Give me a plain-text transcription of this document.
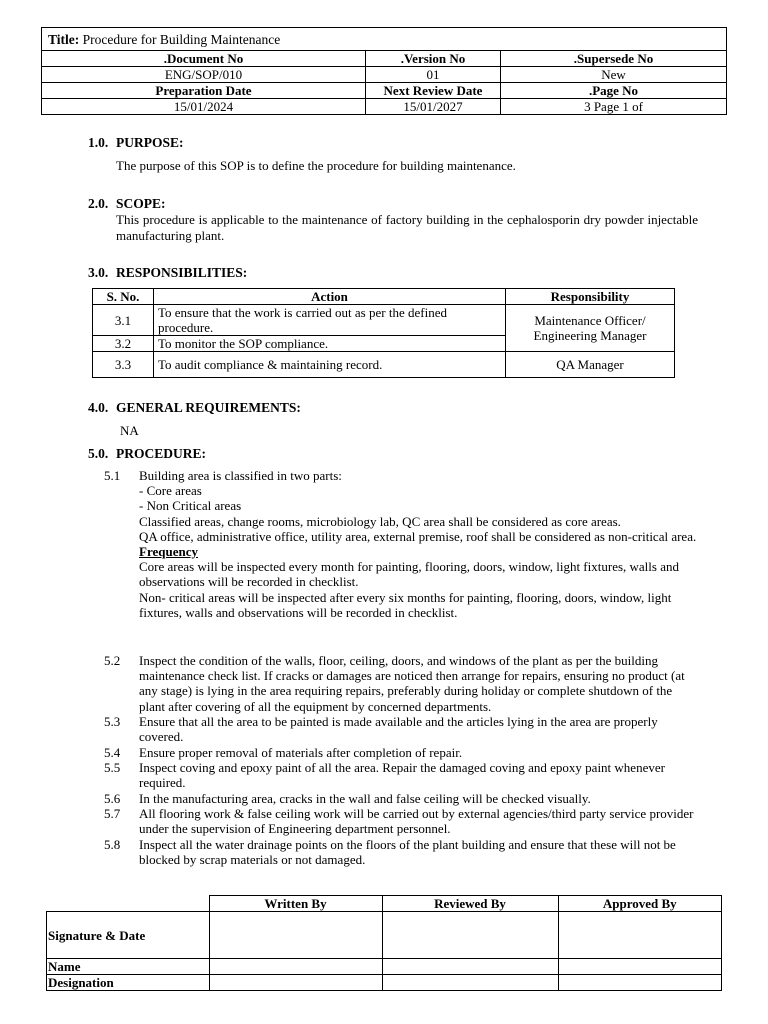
Title: Procedure for Building Maintenance		
.Document No	.Version No	.Supersede No
ENG/SOP/010	01	New
Preparation Date	Next Review Date	.Page No
15/01/2024	15/01/2027	3 Page 1 of
1.0. PURPOSE:
The purpose of this SOP is to define the procedure for building maintenance.
2.0. SCOPE:
This procedure is applicable to the maintenance of factory building in the cephalosporin dry powder injectable manufacturing plant.
3.0. RESPONSIBILITIES:
S. No.	Action	Responsibility
3.1	To ensure that the work is carried out as per the defined procedure.	Maintenance Officer/ Engineering Manager
3.2	To monitor the SOP compliance.	
3.3	To audit compliance & maintaining record.	QA Manager
4.0. GENERAL REQUIREMENTS:
NA
5.0. PROCEDURE:
5.1	Building area is classified in two parts:
- Core areas
- Non Critical areas
Classified areas, change rooms, microbiology lab, QC area shall be considered as core areas.
QA office, administrative office, utility area, external premise, roof shall be considered as non-critical area.
Frequency
Core areas will be inspected every month for painting, flooring, doors, window, light fixtures, walls and observations will be recorded in checklist.
Non- critical areas will be inspected after every six months for painting, flooring, doors, window, light fixtures, walls and observations will be recorded in checklist.
5.2	Inspect the condition of the walls, floor, ceiling, doors, and windows of the plant as per the building maintenance check list. If cracks or damages are noticed then arrange for repairs, ensuring no product (at any stage) is lying in the area requiring repairs, preferably during holiday or complete shutdown of the plant after covering of all the equipment by concerned departments.
5.3	Ensure that all the area to be painted is made available and the articles lying in the area are properly covered.
5.4	Ensure proper removal of materials after completion of repair.
5.5	Inspect coving and epoxy paint of all the area. Repair the damaged coving and epoxy paint whenever required.
5.6	In the manufacturing area, cracks in the wall and false ceiling will be checked visually.
5.7	All flooring work & false ceiling work will be carried out by external agencies/third party service provider under the supervision of Engineering department personnel.
5.8	Inspect all the water drainage points on the floors of the plant building and ensure that these will not be blocked by scrap materials or not damaged.
	Written By	Reviewed By	Approved By
Signature & Date			
Name			
Designation			
